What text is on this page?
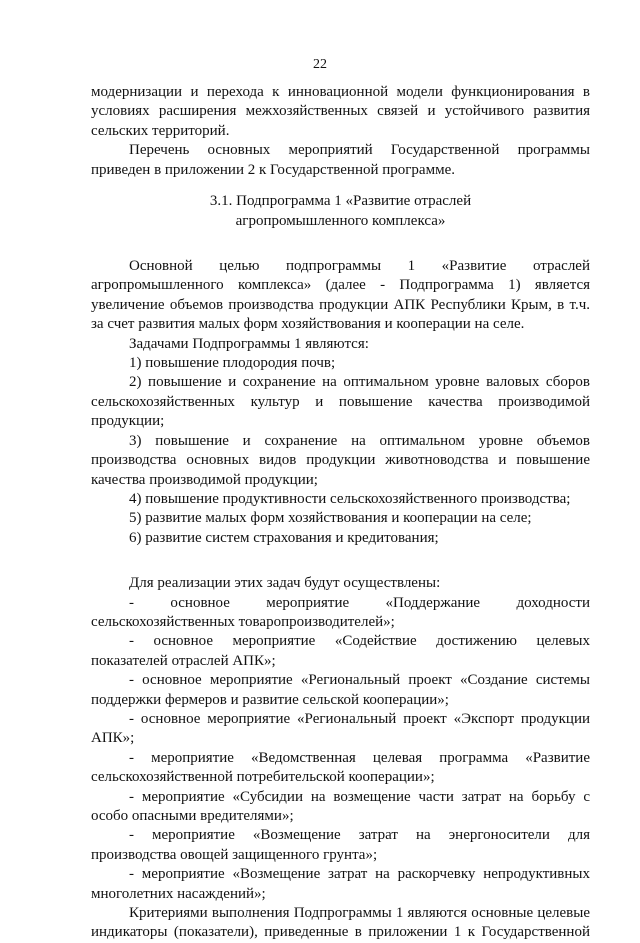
22

модернизации и перехода к инновационной модели функционирования в условиях расширения межхозяйственных связей и устойчивого развития сельских территорий.

Перечень основных мероприятий Государственной программы приведен в приложении 2 к Государственной программе.

3.1. Подпрограмма 1 «Развитие отраслей
агропромышленного комплекса»

Основной целью подпрограммы 1 «Развитие отраслей агропромышленного комплекса» (далее - Подпрограмма 1) является увеличение объемов производства продукции АПК Республики Крым, в т.ч. за счет развития малых форм хозяйствования и кооперации на селе.

Задачами Подпрограммы 1 являются:

1) повышение плодородия почв;

2) повышение и сохранение на оптимальном уровне валовых сборов сельскохозяйственных культур и повышение качества производимой продукции;

3) повышение и сохранение на оптимальном уровне объемов производства основных видов продукции животноводства и повышение качества производимой продукции;

4) повышение продуктивности сельскохозяйственного производства;

5) развитие малых форм хозяйствования и кооперации на селе;

6) развитие систем страхования и кредитования;

Для реализации этих задач будут осуществлены:

- основное мероприятие «Поддержание доходности сельскохозяйственных товаропроизводителей»;

- основное мероприятие «Содействие достижению целевых показателей отраслей АПК»;

- основное мероприятие «Региональный проект «Создание системы поддержки фермеров и развитие сельской кооперации»;

- основное мероприятие «Региональный проект «Экспорт продукции АПК»;

- мероприятие «Ведомственная целевая программа «Развитие сельскохозяйственной потребительской кооперации»;

- мероприятие «Субсидии на возмещение части затрат на борьбу с особо опасными вредителями»;

- мероприятие «Возмещение затрат на энергоносители для производства овощей защищенного грунта»;

- мероприятие «Возмещение затрат на раскорчевку непродуктивных многолетних насаждений»;

Критериями выполнения Подпрограммы 1 являются основные целевые индикаторы (показатели), приведенные в приложении 1 к Государственной
